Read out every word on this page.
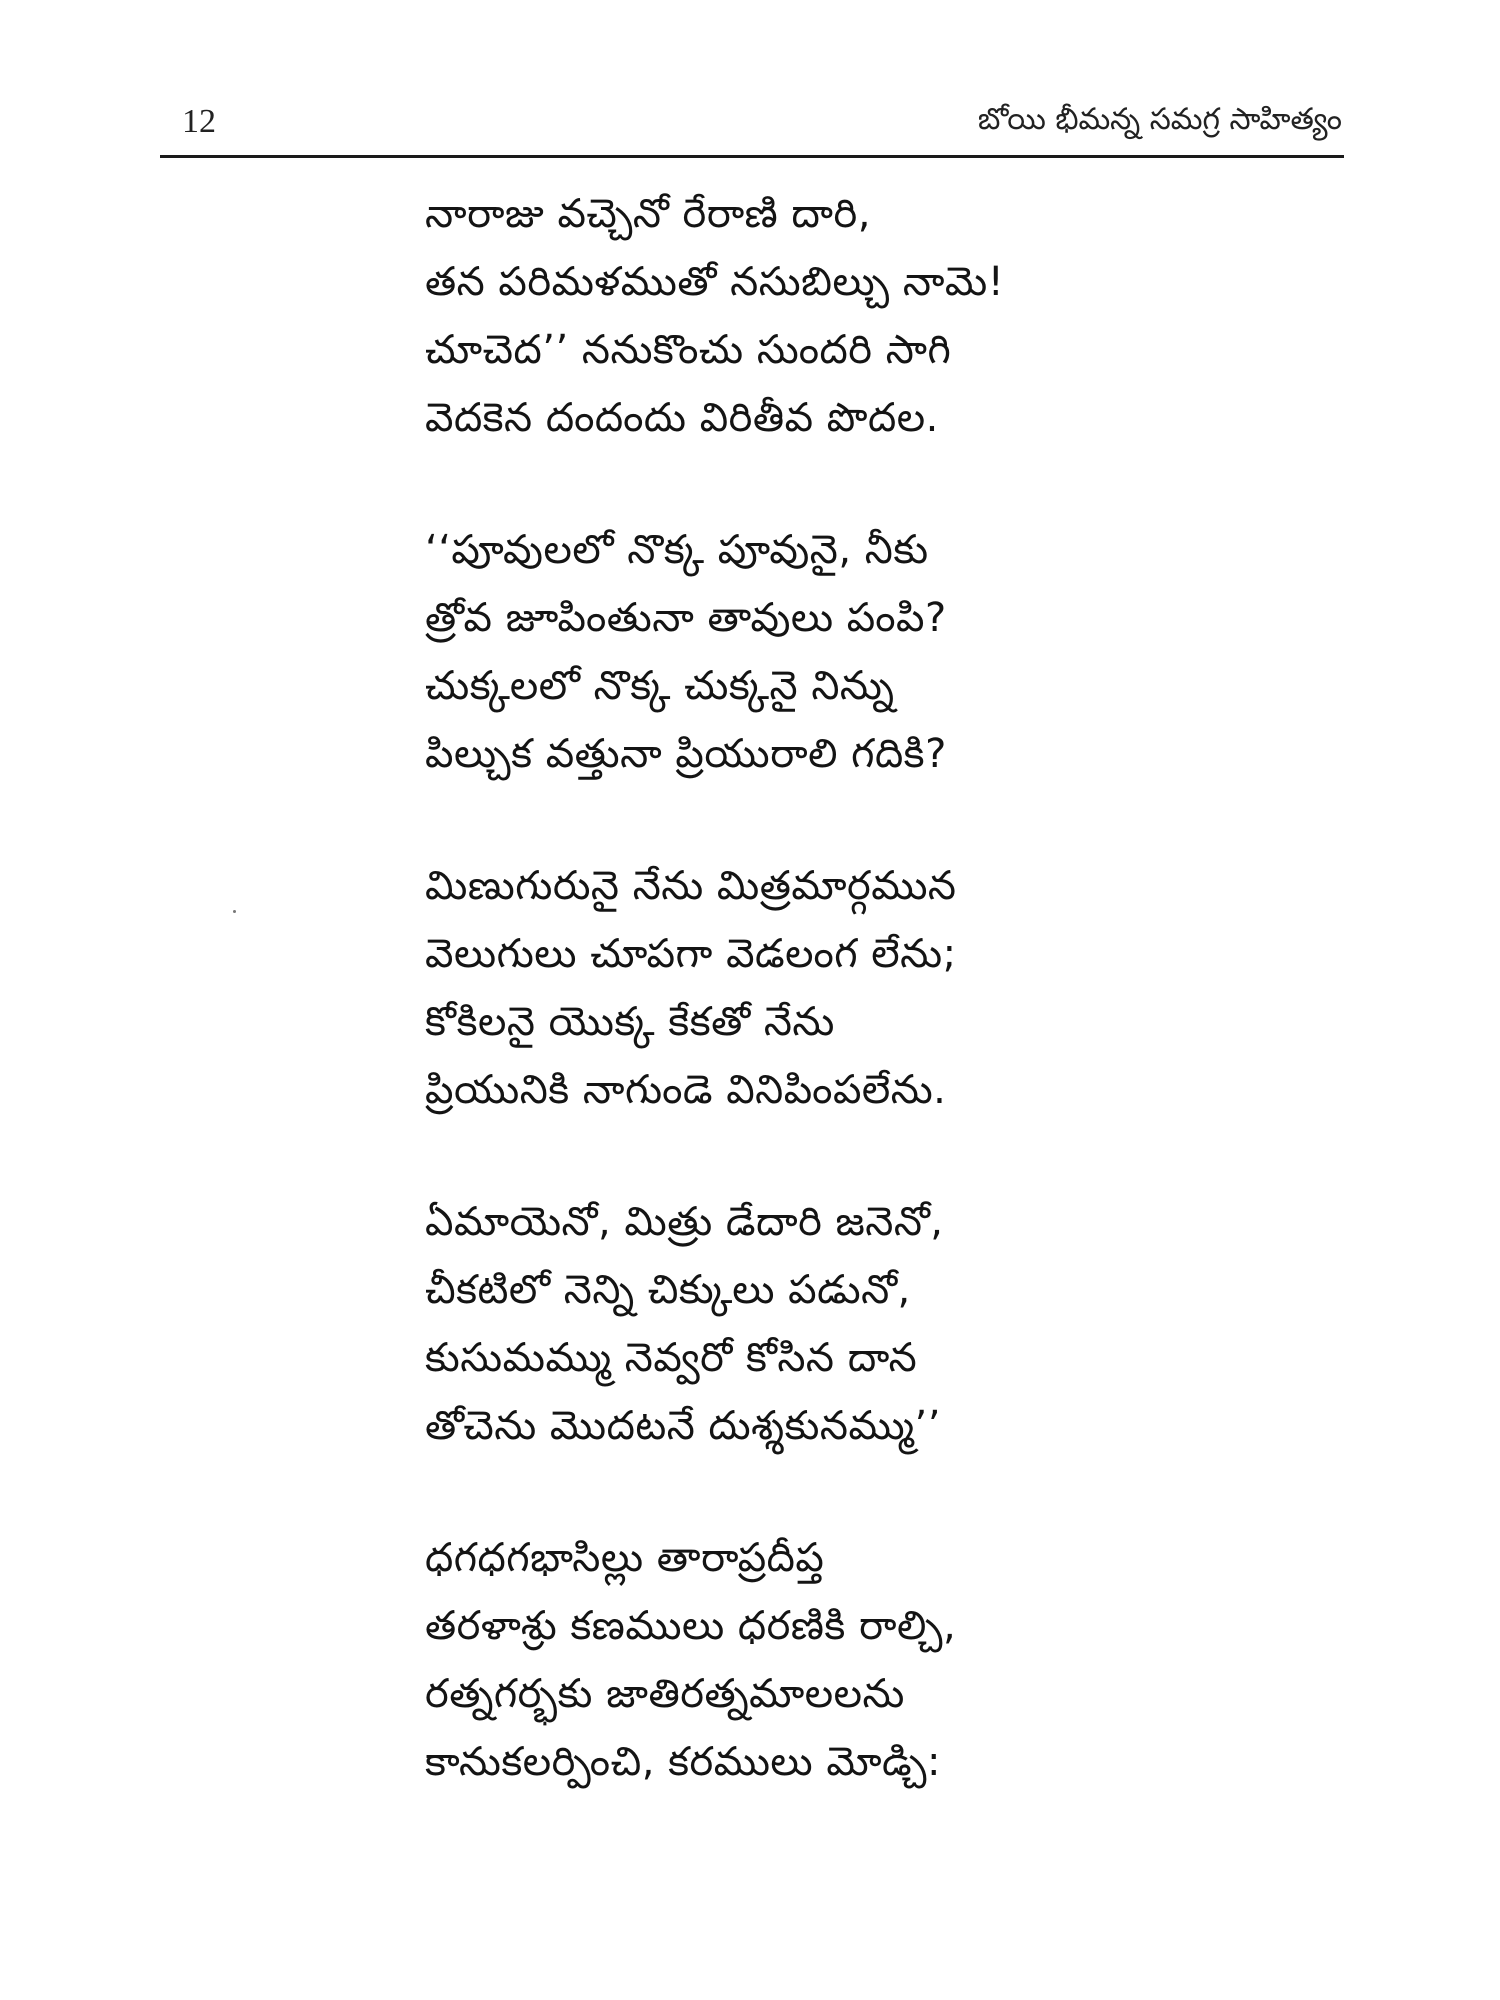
12	బోయి భీమన్న సమగ్ర సాహిత్యం
నారాజు వచ్చెనో రేరాణి దారి,
తన పరిమళముతో నసుబిల్చు నామె!
చూచెద’’ ననుకొంచు సుందరి సాగి
వెదకెన దందందు విరితీవ పొదల.
‘‘పూవులలో నొక్క పూవునై, నీకు
త్రోవ జూపింతునా తావులు పంపి?
చుక్కలలో నొక్క చుక్కనై నిన్ను
పిల్చుక వత్తునా ప్రియురాలి గదికి?
మిణుగురునై నేను మిత్రమార్గమున
వెలుగులు చూపగా వెడలంగ లేను;
కోకిలనై యొక్క కేకతో నేను
ప్రియునికి నాగుండె వినిపింపలేను.
ఏమాయెనో, మిత్రు డేదారి జనెనో,
చీకటిలో నెన్ని చిక్కులు పడునో,
కుసుమమ్ము నెవ్వరో కోసిన దాన
తోచెను మొదటనే దుశ్శకునమ్ము’’
ధగధగభాసిల్లు తారాప్రదీప్త
తరళాశ్రు కణములు ధరణికి రాల్చి,
రత్నగర్భకు జాతిరత్నమాలలను
కానుకలర్పించి, కరములు మోడ్చి:
